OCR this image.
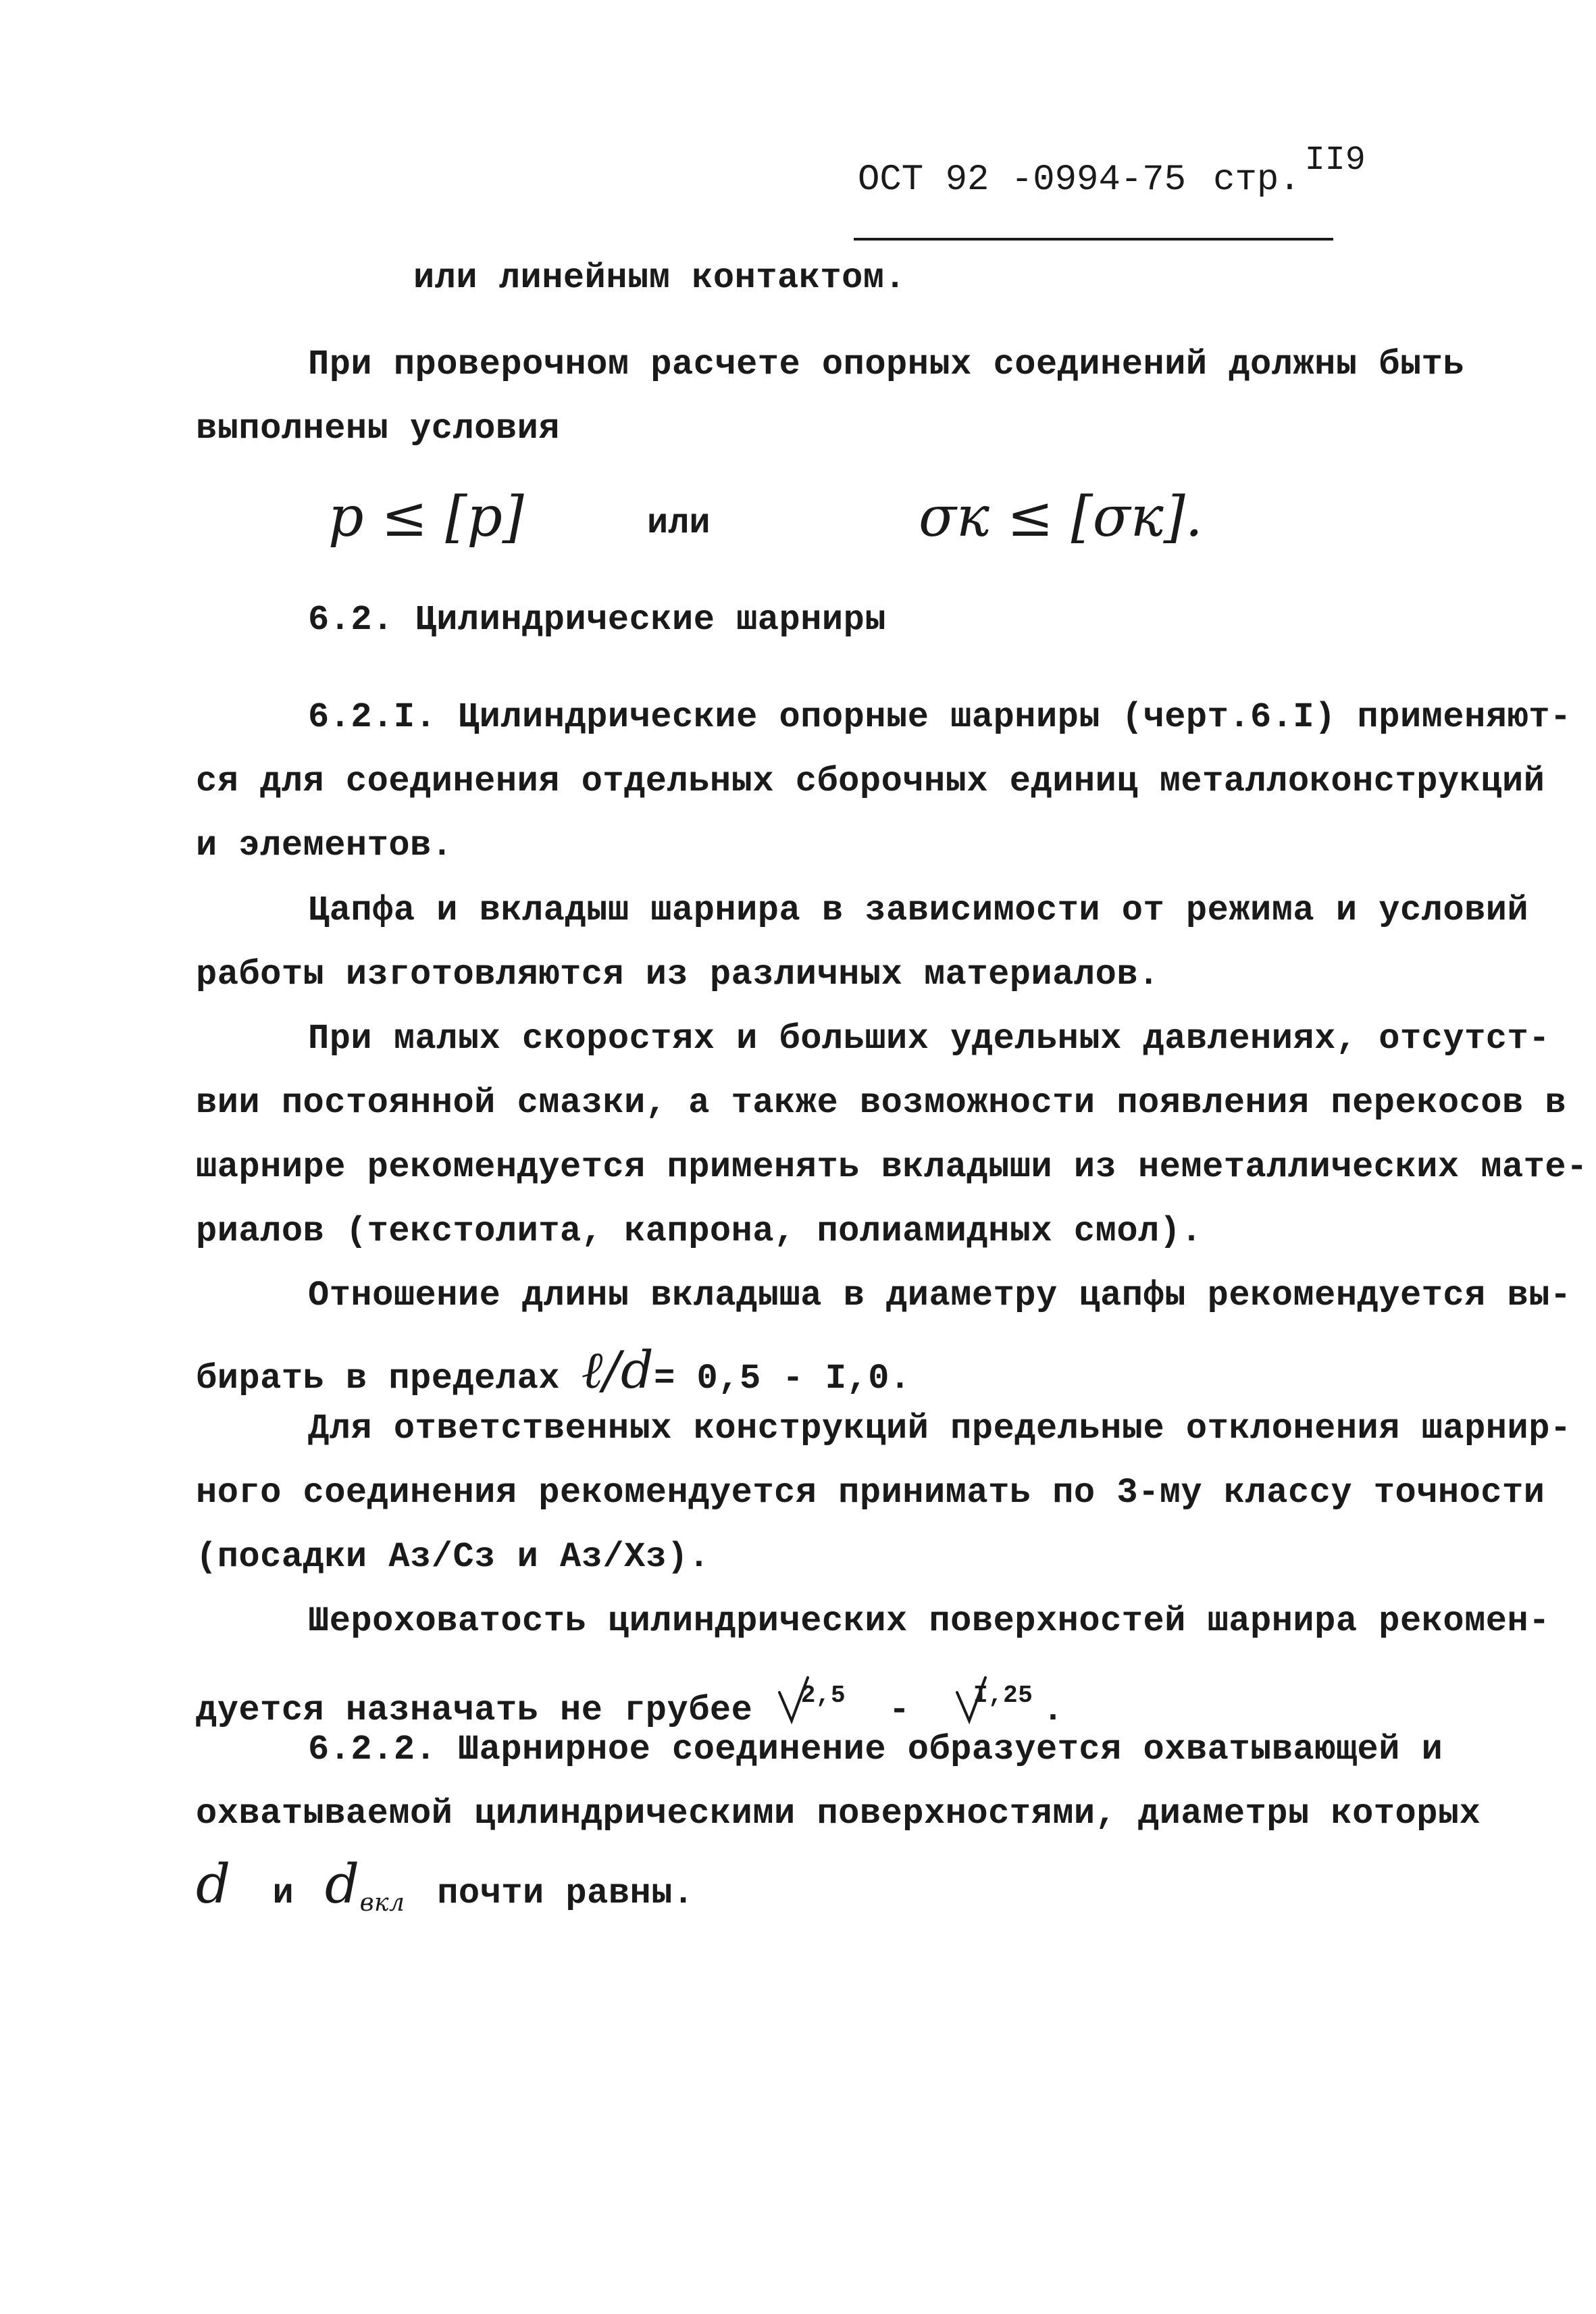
ОСТ 92 -0994-75 стр. II9
или линейным контактом.
При проверочном расчете опорных соединений должны быть
выполнены условия
p ≤ [p]	или	σк ≤ [σк].
6.2. Цилиндрические шарниры
6.2.I. Цилиндрические опорные шарниры (черт.6.I) применяют-
ся для соединения отдельных сборочных единиц металлоконструкций
и элементов.
Цапфа и вкладыш шарнира в зависимости от режима и условий
работы изготовляются из различных материалов.
При малых скоростях и больших удельных давлениях, отсутст-
вии постоянной смазки, а также возможности появления перекосов в
шарнире рекомендуется применять вкладыши из неметаллических мате-
риалов (текстолита, капрона, полиамидных смол).
Отношение длины вкладыша в диаметру цапфы рекомендуется вы-
бирать в пределах ℓ/d= 0,5 - I,0.
Для ответственных конструкций предельные отклонения шарнир-
ного соединения рекомендуется принимать по 3-му классу точности
(посадки Аз/Сз и Аз/Хз).
Шероховатость цилиндрических поверхностей шарнира рекомен-
дуется назначать не грубее $^{2,5}$ -	$^{I,25}$ .
6.2.2. Шарнирное соединение образуется охватывающей и
охватываемой цилиндрическими поверхностями, диаметры которых
d и dвкл почти равны.
